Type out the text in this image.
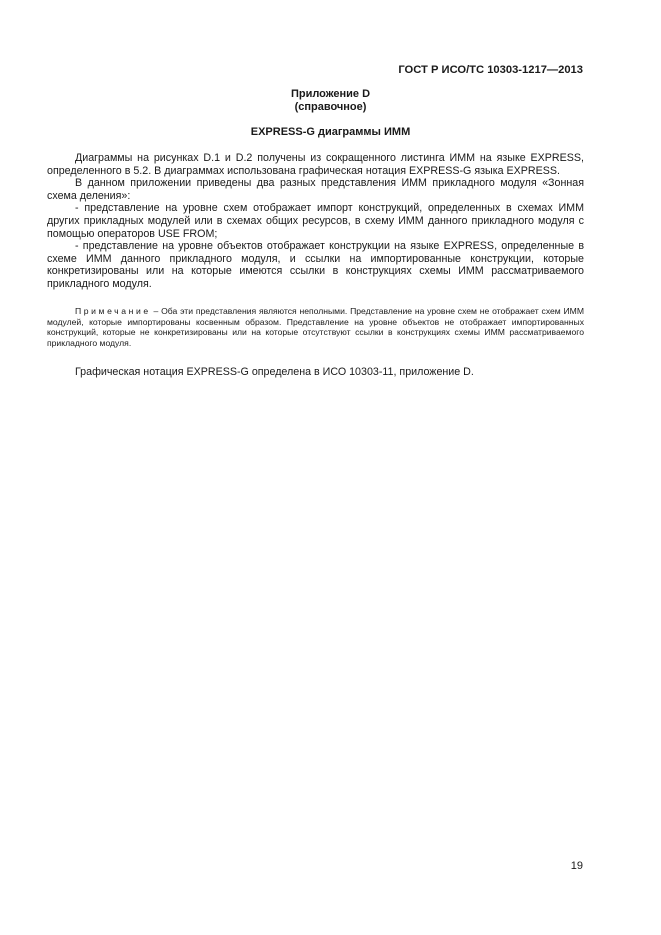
ГОСТ Р ИСО/ТС 10303-1217—2013
Приложение D
(справочное)
EXPRESS-G диаграммы ИММ

Диаграммы на рисунках D.1 и D.2 получены из сокращенного листинга ИММ на языке EXPRESS, определенного в 5.2. В диаграммах использована графическая нотация EXPRESS-G языка EXPRESS.

В данном приложении приведены два разных представления ИММ прикладного модуля «Зонная схема деления»:

- представление на уровне схем отображает импорт конструкций, определенных в схемах ИММ других прикладных модулей или в схемах общих ресурсов, в схему ИММ данного прикладного модуля с помощью операторов USE FROM;

- представление на уровне объектов отображает конструкции на языке EXPRESS, определенные в схеме ИММ данного прикладного модуля, и ссылки на импортированные конструкции, которые конкретизированы или на которые имеются ссылки в конструкциях схемы ИММ рассматриваемого прикладного модуля.

Примечание – Оба эти представления являются неполными. Представление на уровне схем не отображает схем ИММ модулей, которые импортированы косвенным образом. Представление на уровне объектов не отображает импортированных конструкций, которые не конкретизированы или на которые отсутствуют ссылки в конструкциях схемы ИММ рассматриваемого прикладного модуля.
Графическая нотация EXPRESS-G определена в ИСО 10303-11, приложение D.
19
